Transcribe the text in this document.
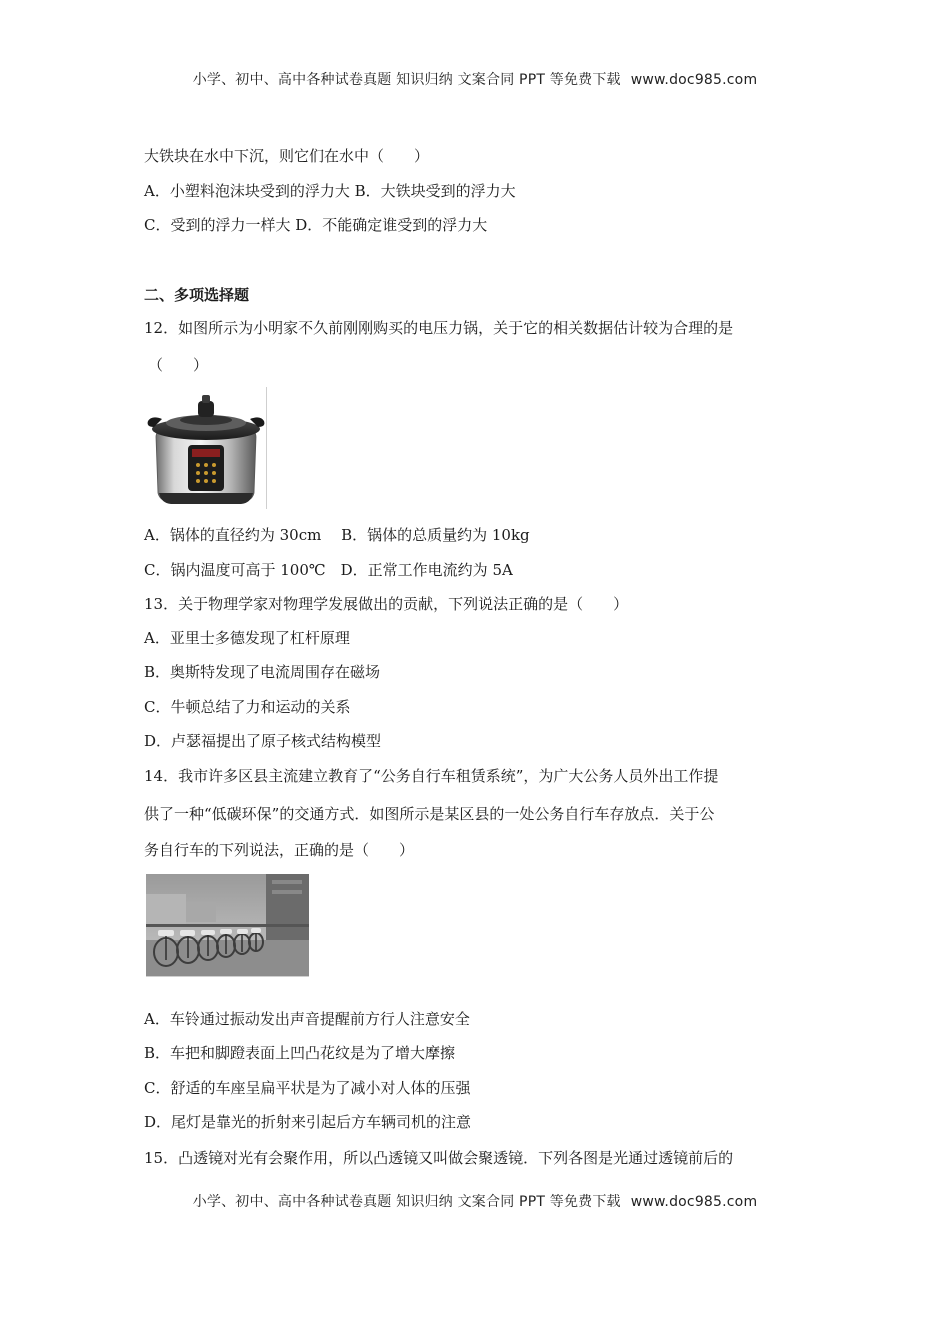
小学、初中、高中各种试卷真题 知识归纳 文案合同 PPT 等免费下载 www.doc985.com
大铁块在水中下沉，则它们在水中（　　）
A．小塑料泡沫块受到的浮力大 B．大铁块受到的浮力大
C．受到的浮力一样大 D．不能确定谁受到的浮力大
二、多项选择题
12．如图所示为小明家不久前刚刚购买的电压力锅，关于它的相关数据估计较为合理的是
（　　）
A．锅体的直径约为 30cm　 B．锅体的总质量约为 10kg
C．锅内温度可高于 100℃　D．正常工作电流约为 5A
13．关于物理学家对物理学发展做出的贡献，下列说法正确的是（　　）
A．亚里士多德发现了杠杆原理
B．奥斯特发现了电流周围存在磁场
C．牛顿总结了力和运动的关系
D．卢瑟福提出了原子核式结构模型
14．我市许多区县主流建立教育了“公务自行车租赁系统”，为广大公务人员外出工作提
供了一种“低碳环保”的交通方式．如图所示是某区县的一处公务自行车存放点．关于公
务自行车的下列说法，正确的是（　　）
A．车铃通过振动发出声音提醒前方行人注意安全
B．车把和脚蹬表面上凹凸花纹是为了增大摩擦
C．舒适的车座呈扁平状是为了减小对人体的压强
D．尾灯是靠光的折射来引起后方车辆司机的注意
15．凸透镜对光有会聚作用，所以凸透镜又叫做会聚透镜．下列各图是光通过透镜前后的
小学、初中、高中各种试卷真题 知识归纳 文案合同 PPT 等免费下载 www.doc985.com
